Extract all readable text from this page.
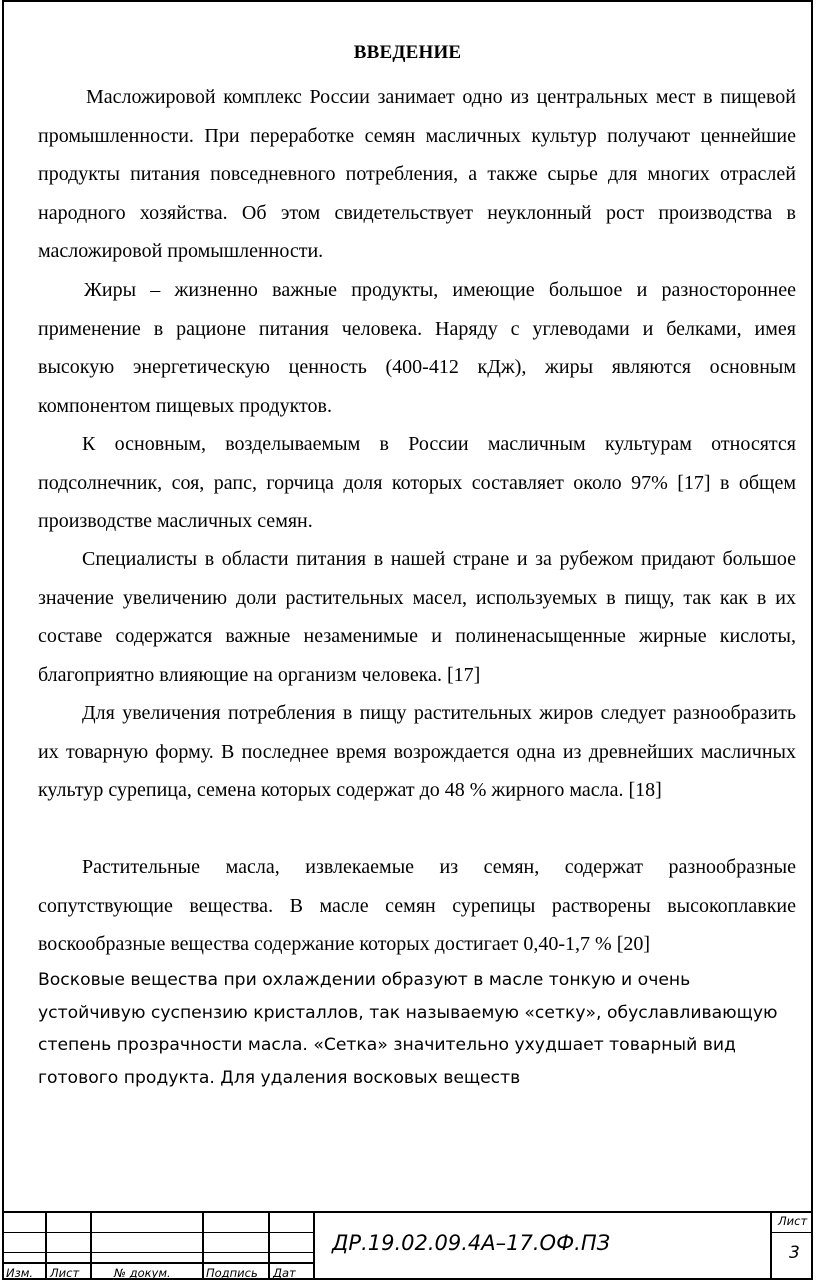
ВВЕДЕНИЕ

Масложировой комплекс России занимает одно из центральных мест в пищевой промышленности. При переработке семян масличных культур получают ценнейшие продукты питания повседневного потребления, а также сырье для многих отраслей народного хозяйства. Об этом свидетельствует неуклонный рост производства в масложировой промышленности.

Жиры – жизненно важные продукты, имеющие большое и разностороннее применение в рационе питания человека. Наряду с углеводами и белками, имея высокую энергетическую ценность (400-412 кДж), жиры являются основным компонентом пищевых продуктов.

К основным, возделываемым в России масличным культурам относятся подсолнечник, соя, рапс, горчица доля которых составляет около 97% [17] в общем производстве масличных семян.

Специалисты в области питания в нашей стране и за рубежом придают большое значение увеличению доли растительных масел, используемых в пищу, так как в их составе содержатся важные незаменимые и полиненасыщенные жирные кислоты, благоприятно влияющие на организм человека. [17]

Для увеличения потребления в пищу растительных жиров следует разнообразить их товарную форму. В последнее время возрождается одна из древнейших масличных культур сурепица, семена которых содержат до 48 % жирного масла. [18]

Растительные масла, извлекаемые из семян, содержат разнообразные сопутствующие вещества. В масле семян сурепицы растворены высокоплавкие воскообразные вещества содержание которых достигает 0,40-1,7 % [20]

Восковые вещества при охлаждении образуют в масле тонкую и очень устойчивую суспензию кристаллов, так называемую «сетку», обуславливающую степень прозрачности масла. «Сетка» значительно ухудшает товарный вид готового продукта. Для удаления восковых веществ

Изм. Лист	№ докум.	Подпись Дат
ДР.19.02.09.4А–17.ОФ.ПЗ
Лист
3
